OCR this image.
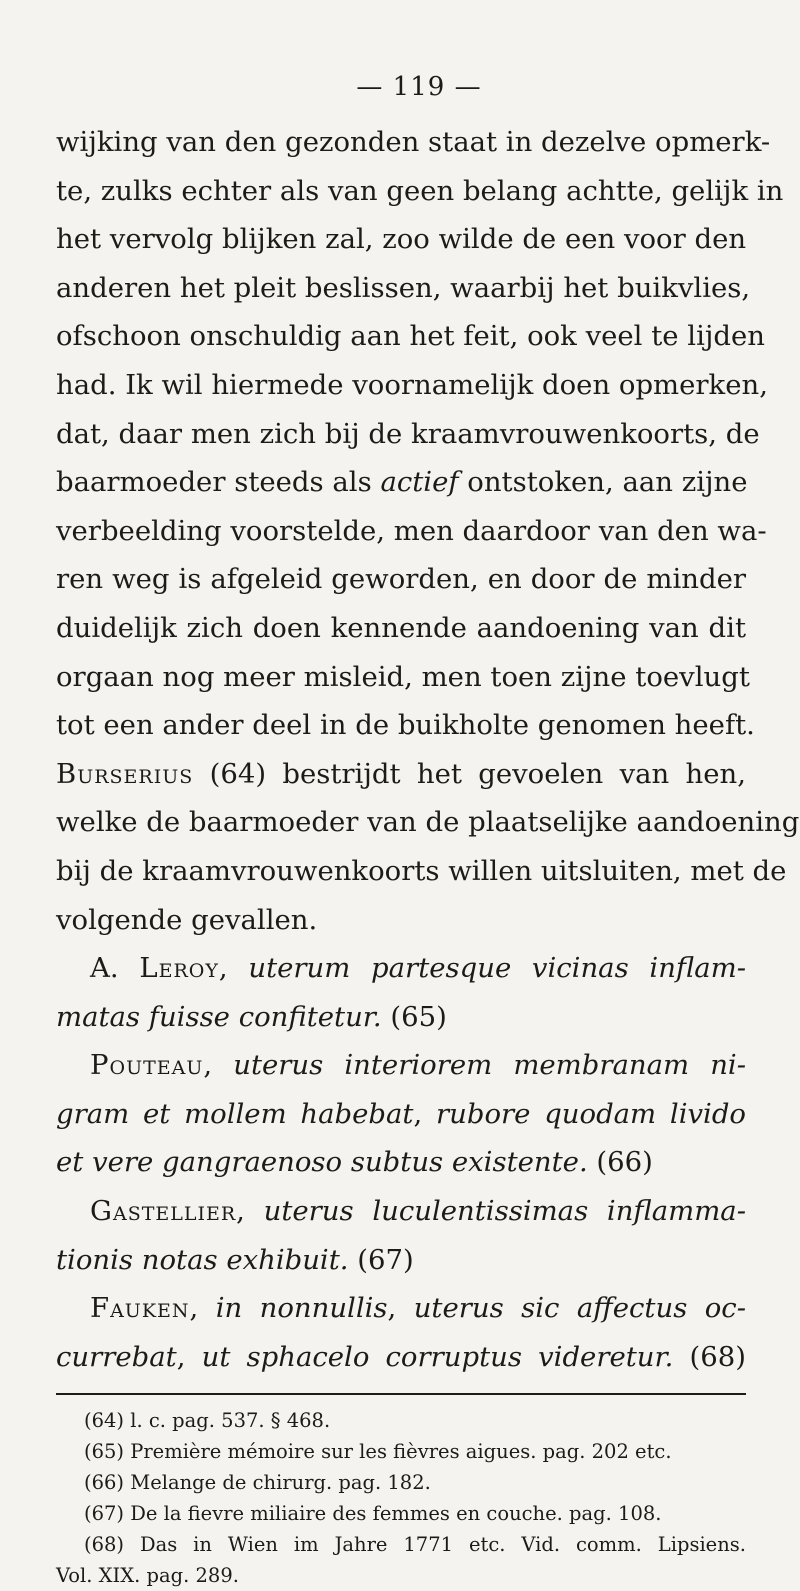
— 119 —
wijking van den gezonden staat in dezelve opmerk-
te, zulks echter als van geen belang achtte, gelijk in
het vervolg blijken zal, zoo wilde de een voor den
anderen het pleit beslissen, waarbij het buikvlies,
ofschoon onschuldig aan het feit, ook veel te lijden
had. Ik wil hiermede voornamelijk doen opmerken,
dat, daar men zich bij de kraamvrouwenkoorts, de
baarmoeder steeds als actief ontstoken, aan zijne
verbeelding voorstelde, men daardoor van den wa-
ren weg is afgeleid geworden, en door de minder
duidelijk zich doen kennende aandoening van dit
orgaan nog meer misleid, men toen zijne toevlugt
tot een ander deel in de buikholte genomen heeft.
Burserius (64) bestrijdt het gevoelen van hen,
welke de baarmoeder van de plaatselijke aandoening
bij de kraamvrouwenkoorts willen uitsluiten, met de
volgende gevallen.
A. Leroy, uterum partesque vicinas inflam-
matas fuisse confitetur. (65)
Pouteau, uterus interiorem membranam ni-
gram et mollem habebat, rubore quodam livido
et vere gangraenoso subtus existente. (66)
Gastellier, uterus luculentissimas inflamma-
tionis notas exhibuit. (67)
Fauken, in nonnullis, uterus sic affectus oc-
currebat, ut sphacelo corruptus videretur. (68)
(64) l. c. pag. 537. § 468.
(65) Première mémoire sur les fièvres aigues. pag. 202 etc.
(66) Melange de chirurg. pag. 182.
(67) De la fievre miliaire des femmes en couche. pag. 108.
(68) Das in Wien im Jahre 1771 etc. Vid. comm. Lipsiens.
Vol. XIX. pag. 289.
